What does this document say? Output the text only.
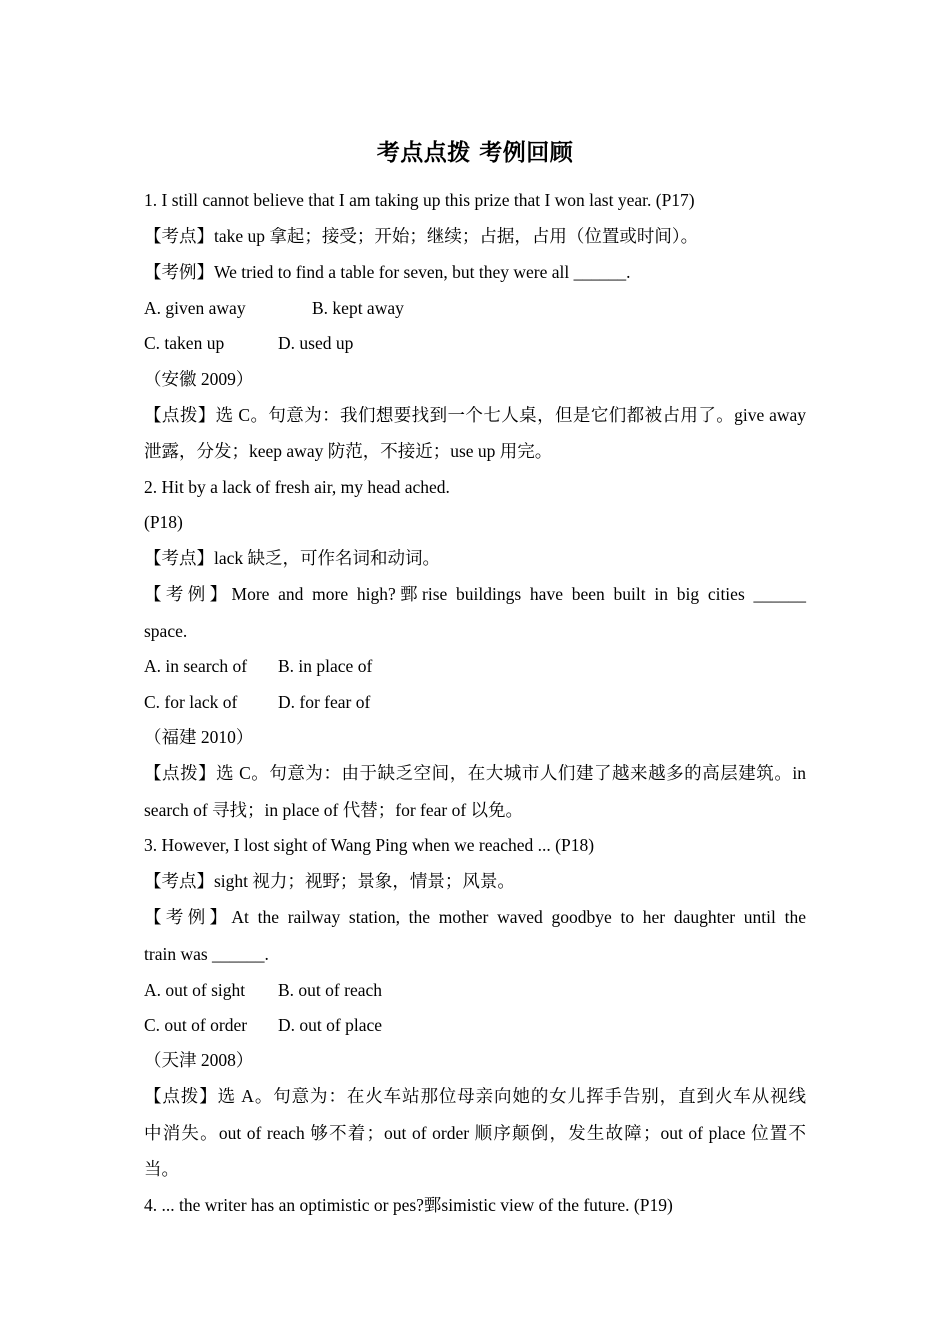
考点点拨 考例回顾
1. I still cannot believe that I am taking up this prize that I won last year. (P17)
【考点】take up 拿起；接受；开始；继续；占据，占用（位置或时间）。
【考例】We tried to find a table for seven, but they were all ______.
A. given away	B. kept away
C. taken up	D. used up
（安徽 2009）
【点拨】选 C。句意为：我们想要找到一个七人桌，但是它们都被占用了。give away
泄露，分发；keep away 防范，不接近；use up 用完。
2. Hit by a lack of fresh air, my head ached.
(P18)
【考点】lack 缺乏，可作名词和动词。
【考例】More and more high?鄄rise buildings have been built in big cities ______
space.
A. in search of B. in place of
C. for lack of D. for fear of
（福建 2010）
【点拨】选 C。句意为：由于缺乏空间，在大城市人们建了越来越多的高层建筑。in
search of 寻找；in place of 代替；for fear of 以免。
3. However, I lost sight of Wang Ping when we reached ... (P18)
【考点】sight 视力；视野；景象，情景；风景。
【考例】At the railway station, the mother waved goodbye to her daughter until the
train was ______.
A. out of sight B. out of reach
C. out of order D. out of place
（天津 2008）
【点拨】选 A。句意为：在火车站那位母亲向她的女儿挥手告别，直到火车从视线
中消失。out of reach 够不着；out of order 顺序颠倒，发生故障；out of place 位置不
当。
4. ... the writer has an optimistic or pes?鄄simistic view of the future. (P19)
